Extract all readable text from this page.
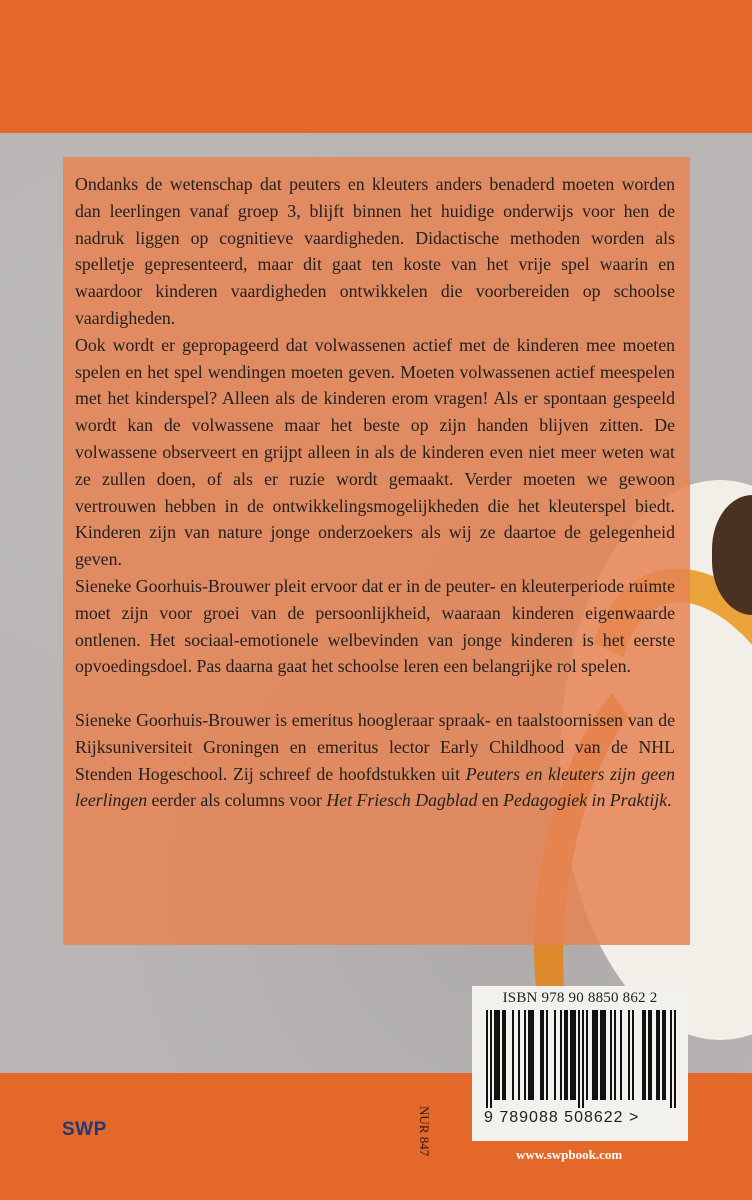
Ondanks de wetenschap dat peuters en kleuters anders benaderd moeten worden dan leerlingen vanaf groep 3, blijft binnen het huidige onderwijs voor hen de nadruk liggen op cognitieve vaardigheden. Didactische methoden worden als spelletje gepresenteerd, maar dit gaat ten koste van het vrije spel waarin en waardoor kinderen vaardigheden ontwikkelen die voorbereiden op schoolse vaardigheden.

Ook wordt er gepropageerd dat volwassenen actief met de kinderen mee moeten spelen en het spel wendingen moeten geven. Moeten volwassenen actief meespelen met het kinderspel? Alleen als de kinderen erom vragen! Als er spontaan gespeeld wordt kan de volwassene maar het beste op zijn handen blijven zitten. De volwassene observeert en grijpt alleen in als de kinderen even niet meer weten wat ze zullen doen, of als er ruzie wordt gemaakt. Verder moeten we gewoon vertrouwen hebben in de ontwikkelingsmogelijkheden die het kleuterspel biedt. Kinderen zijn van nature jonge onderzoekers als wij ze daartoe de gelegenheid geven.

Sieneke Goorhuis-Brouwer pleit ervoor dat er in de peuter- en kleuterperiode ruimte moet zijn voor groei van de persoonlijkheid, waaraan kinderen eigenwaarde ontlenen. Het sociaal-emotionele welbevinden van jonge kinderen is het eerste opvoedingsdoel. Pas daarna gaat het schoolse leren een belangrijke rol spelen.

Sieneke Goorhuis-Brouwer is emeritus hoogleraar spraak- en taalstoornissen van de Rijksuniversiteit Groningen en emeritus lector Early Childhood van de NHL Stenden Hogeschool. Zij schreef de hoofdstukken uit Peuters en kleuters zijn geen leerlingen eerder als columns voor Het Friesch Dagblad en Pedagogiek in Praktijk.

ISBN 978 90 8850 862 2
9 789088 508622 >
NUR 847
SWP
www.swpbook.com
